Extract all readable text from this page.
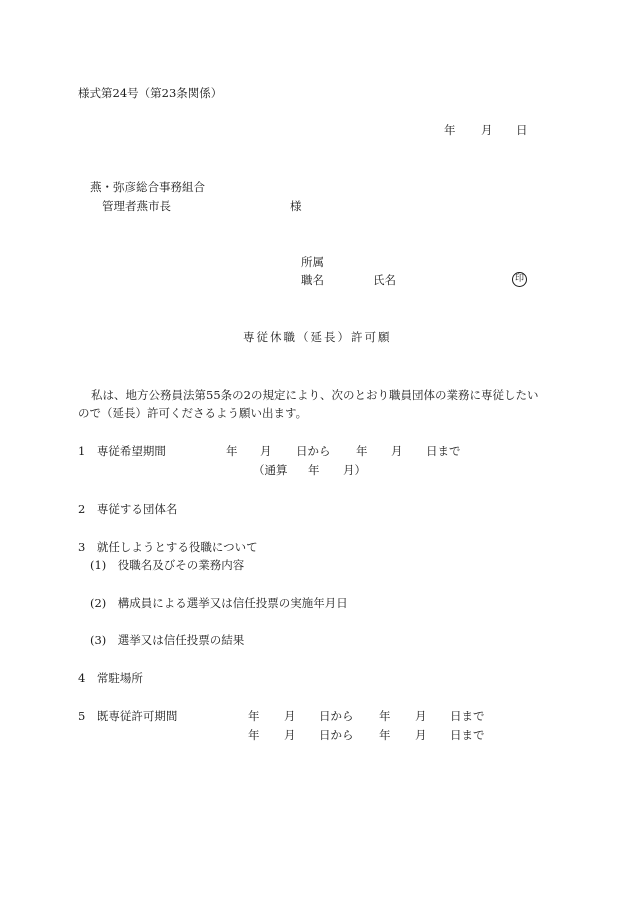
様式第24号（第23条関係）
年 月 日
燕・弥彦総合事務組合
管理者燕市長	様
所属
職名	氏名	印
専従休職（延長）許可願
私は、地方公務員法第55条の2の規定により、次のとおり職員団体の業務に専従したい
ので（延長）許可くださるよう願い出ます。
1　専従希望期間	年 月 日から 年 月 日まで
（通算 年 月）
2　専従する団体名
3　就任しようとする役職について
(1)　役職名及びその業務内容
(2)　構成員による選挙又は信任投票の実施年月日
(3)　選挙又は信任投票の結果
4　常駐場所
5　既専従許可期間	年 月 日から 年 月 日まで
年 月 日から 年 月 日まで
